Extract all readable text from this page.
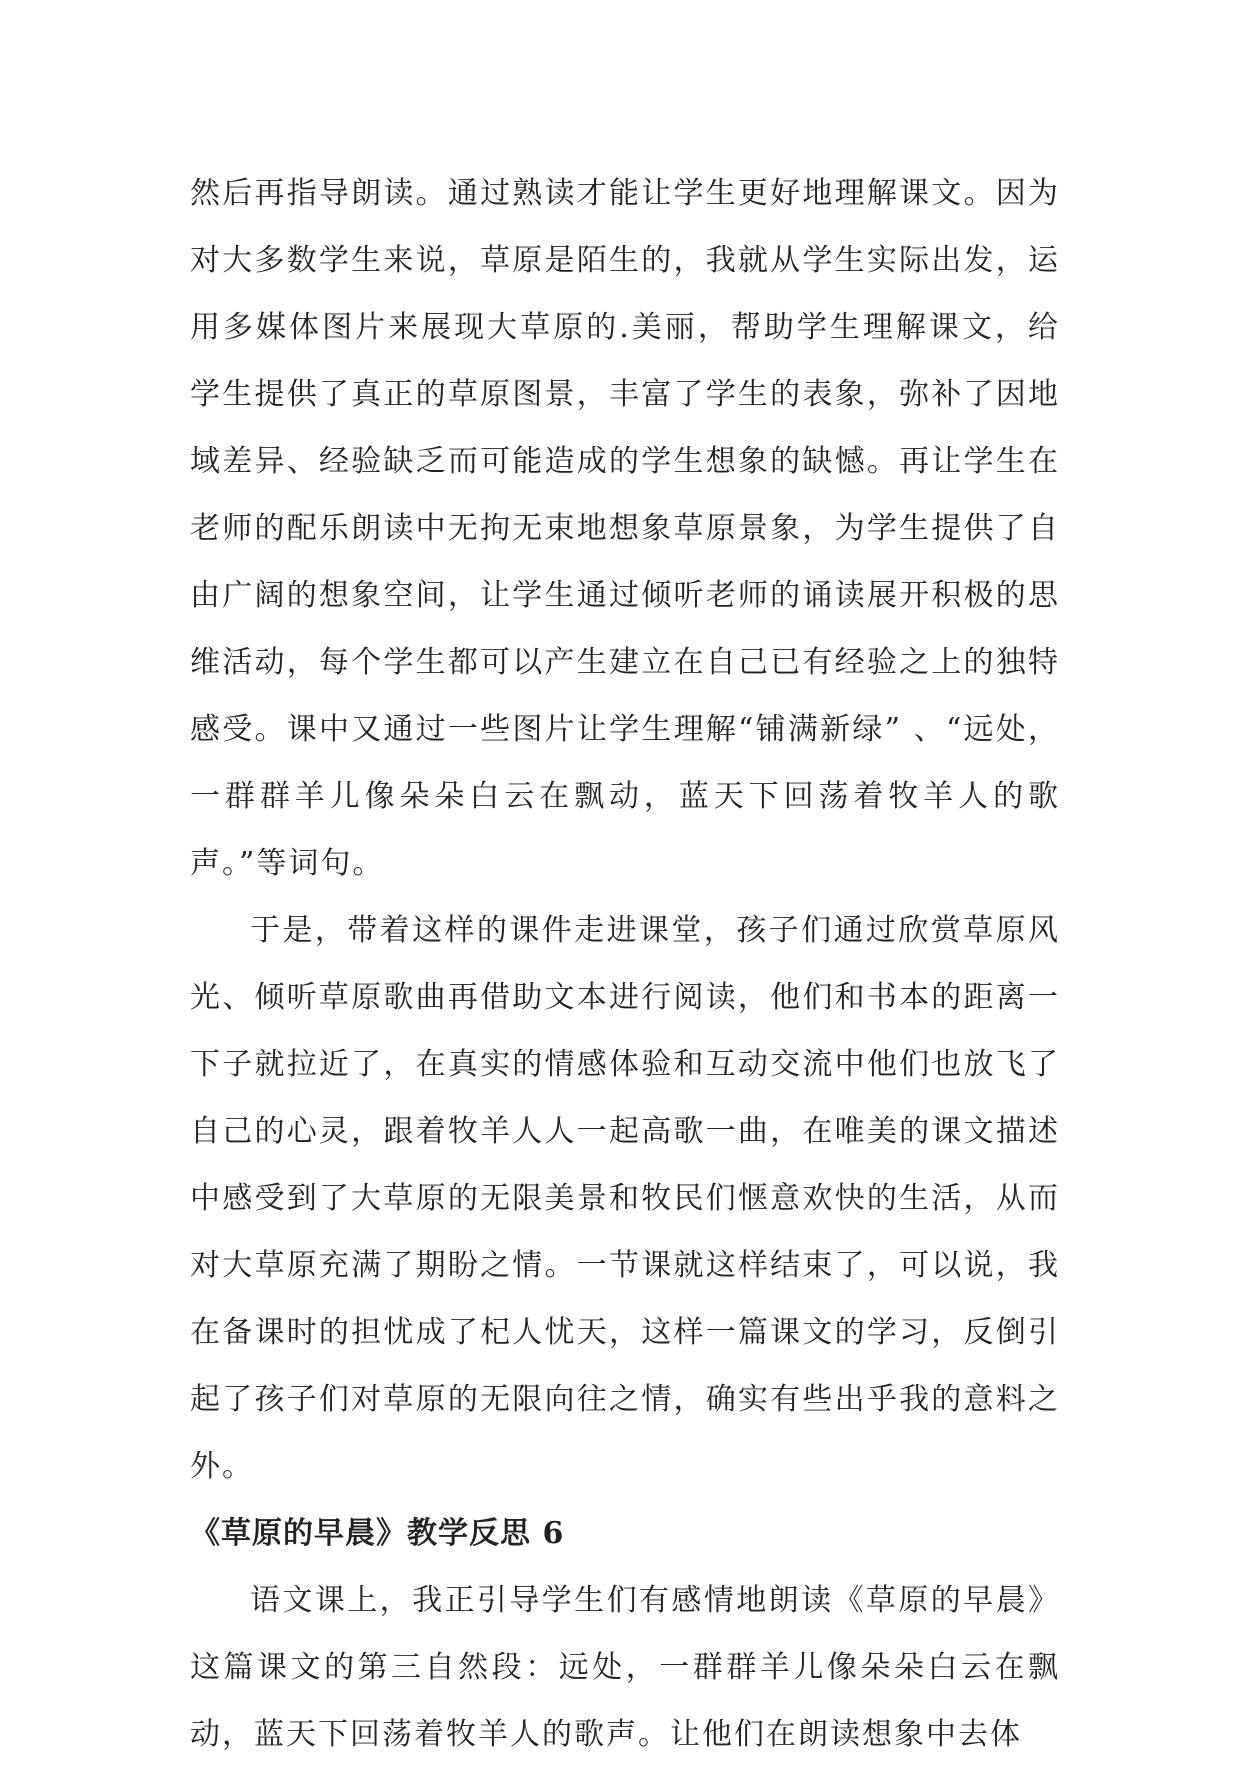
然后再指导朗读。通过熟读才能让学生更好地理解课文。因为对大多数学生来说，草原是陌生的，我就从学生实际出发，运用多媒体图片来展现大草原的.美丽，帮助学生理解课文，给学生提供了真正的草原图景，丰富了学生的表象，弥补了因地域差异、经验缺乏而可能造成的学生想象的缺憾。再让学生在老师的配乐朗读中无拘无束地想象草原景象，为学生提供了自由广阔的想象空间，让学生通过倾听老师的诵读展开积极的思维活动，每个学生都可以产生建立在自己已有经验之上的独特感受。课中又通过一些图片让学生理解“铺满新绿” 、“远处，一群群羊儿像朵朵白云在飘动，蓝天下回荡着牧羊人的歌声。”等词句。

于是，带着这样的课件走进课堂，孩子们通过欣赏草原风光、倾听草原歌曲再借助文本进行阅读，他们和书本的距离一下子就拉近了，在真实的情感体验和互动交流中他们也放飞了自己的心灵，跟着牧羊人人一起高歌一曲，在唯美的课文描述中感受到了大草原的无限美景和牧民们惬意欢快的生活，从而对大草原充满了期盼之情。一节课就这样结束了，可以说，我在备课时的担忧成了杞人忧天，这样一篇课文的学习，反倒引起了孩子们对草原的无限向往之情，确实有些出乎我的意料之外。

《草原的早晨》教学反思 6

语文课上，我正引导学生们有感情地朗读《草原的早晨》这篇课文的第三自然段：远处，一群群羊儿像朵朵白云在飘动，蓝天下回荡着牧羊人的歌声。让他们在朗读想象中去体
